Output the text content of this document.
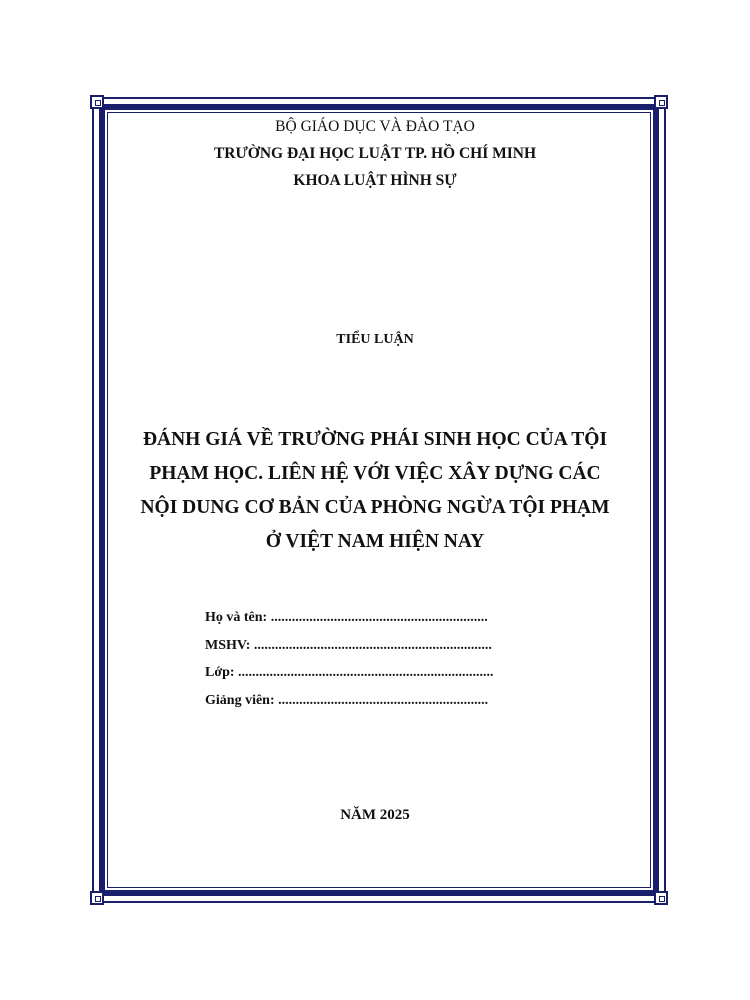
BỘ GIÁO DỤC VÀ ĐÀO TẠO
TRƯỜNG ĐẠI HỌC LUẬT TP. HỒ CHÍ MINH
KHOA LUẬT HÌNH SỰ
TIỂU LUẬN
ĐÁNH GIÁ VỀ TRƯỜNG PHÁI SINH HỌC CỦA TỘI
PHẠM HỌC. LIÊN HỆ VỚI VIỆC XÂY DỰNG CÁC
NỘI DUNG CƠ BẢN CỦA PHÒNG NGỪA TỘI PHẠM
Ở VIỆT NAM HIỆN NAY
Họ và tên: ..............................................................
MSHV: ....................................................................
Lớp: .........................................................................
Giảng viên: ............................................................
NĂM 2025
